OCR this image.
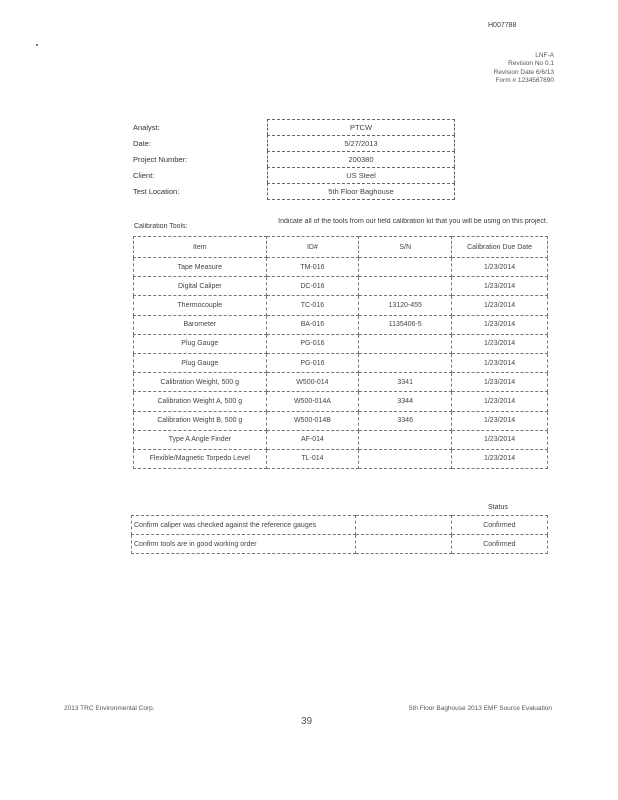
H007788
LNF-A
Revision No 0.1
Revision Date 6/6/13
Form # 1234567890
Analyst:	PTCW
Date:	5/27/2013
Project Number:	200380
Client:	US Steel
Test Location:	5th Floor Baghouse
Calibration Tools:
Indicate all of the tools from our field calibration kit that you will be using on this project.
Item	ID#	S/N	Calibration Due Date
Tape Measure	TM-016		1/23/2014
Digital Caliper	DC-016		1/23/2014
Thermocouple	TC-016	13120-455	1/23/2014
Barometer	BA-016	1135406-5	1/23/2014
Plug Gauge	PG-016		1/23/2014
Plug Gauge	PG-016		1/23/2014
Calibration Weight, 500 g	W500-014	3341	1/23/2014
Calibration Weight A, 500 g	W500-014A	3344	1/23/2014
Calibration Weight B, 500 g	W500-014B	3346	1/23/2014
Type A Angle Finder	AF-014		1/23/2014
Flexible/Magnetic Torpedo Level	TL-014		1/23/2014
Status
Confirm caliper was checked against the reference gauges		Confirmed
Confirm tools are in good working order		Confirmed
2013 TRC Environmental Corp.	5th Floor Baghouse 2013 EMF Source Evaluation
39
